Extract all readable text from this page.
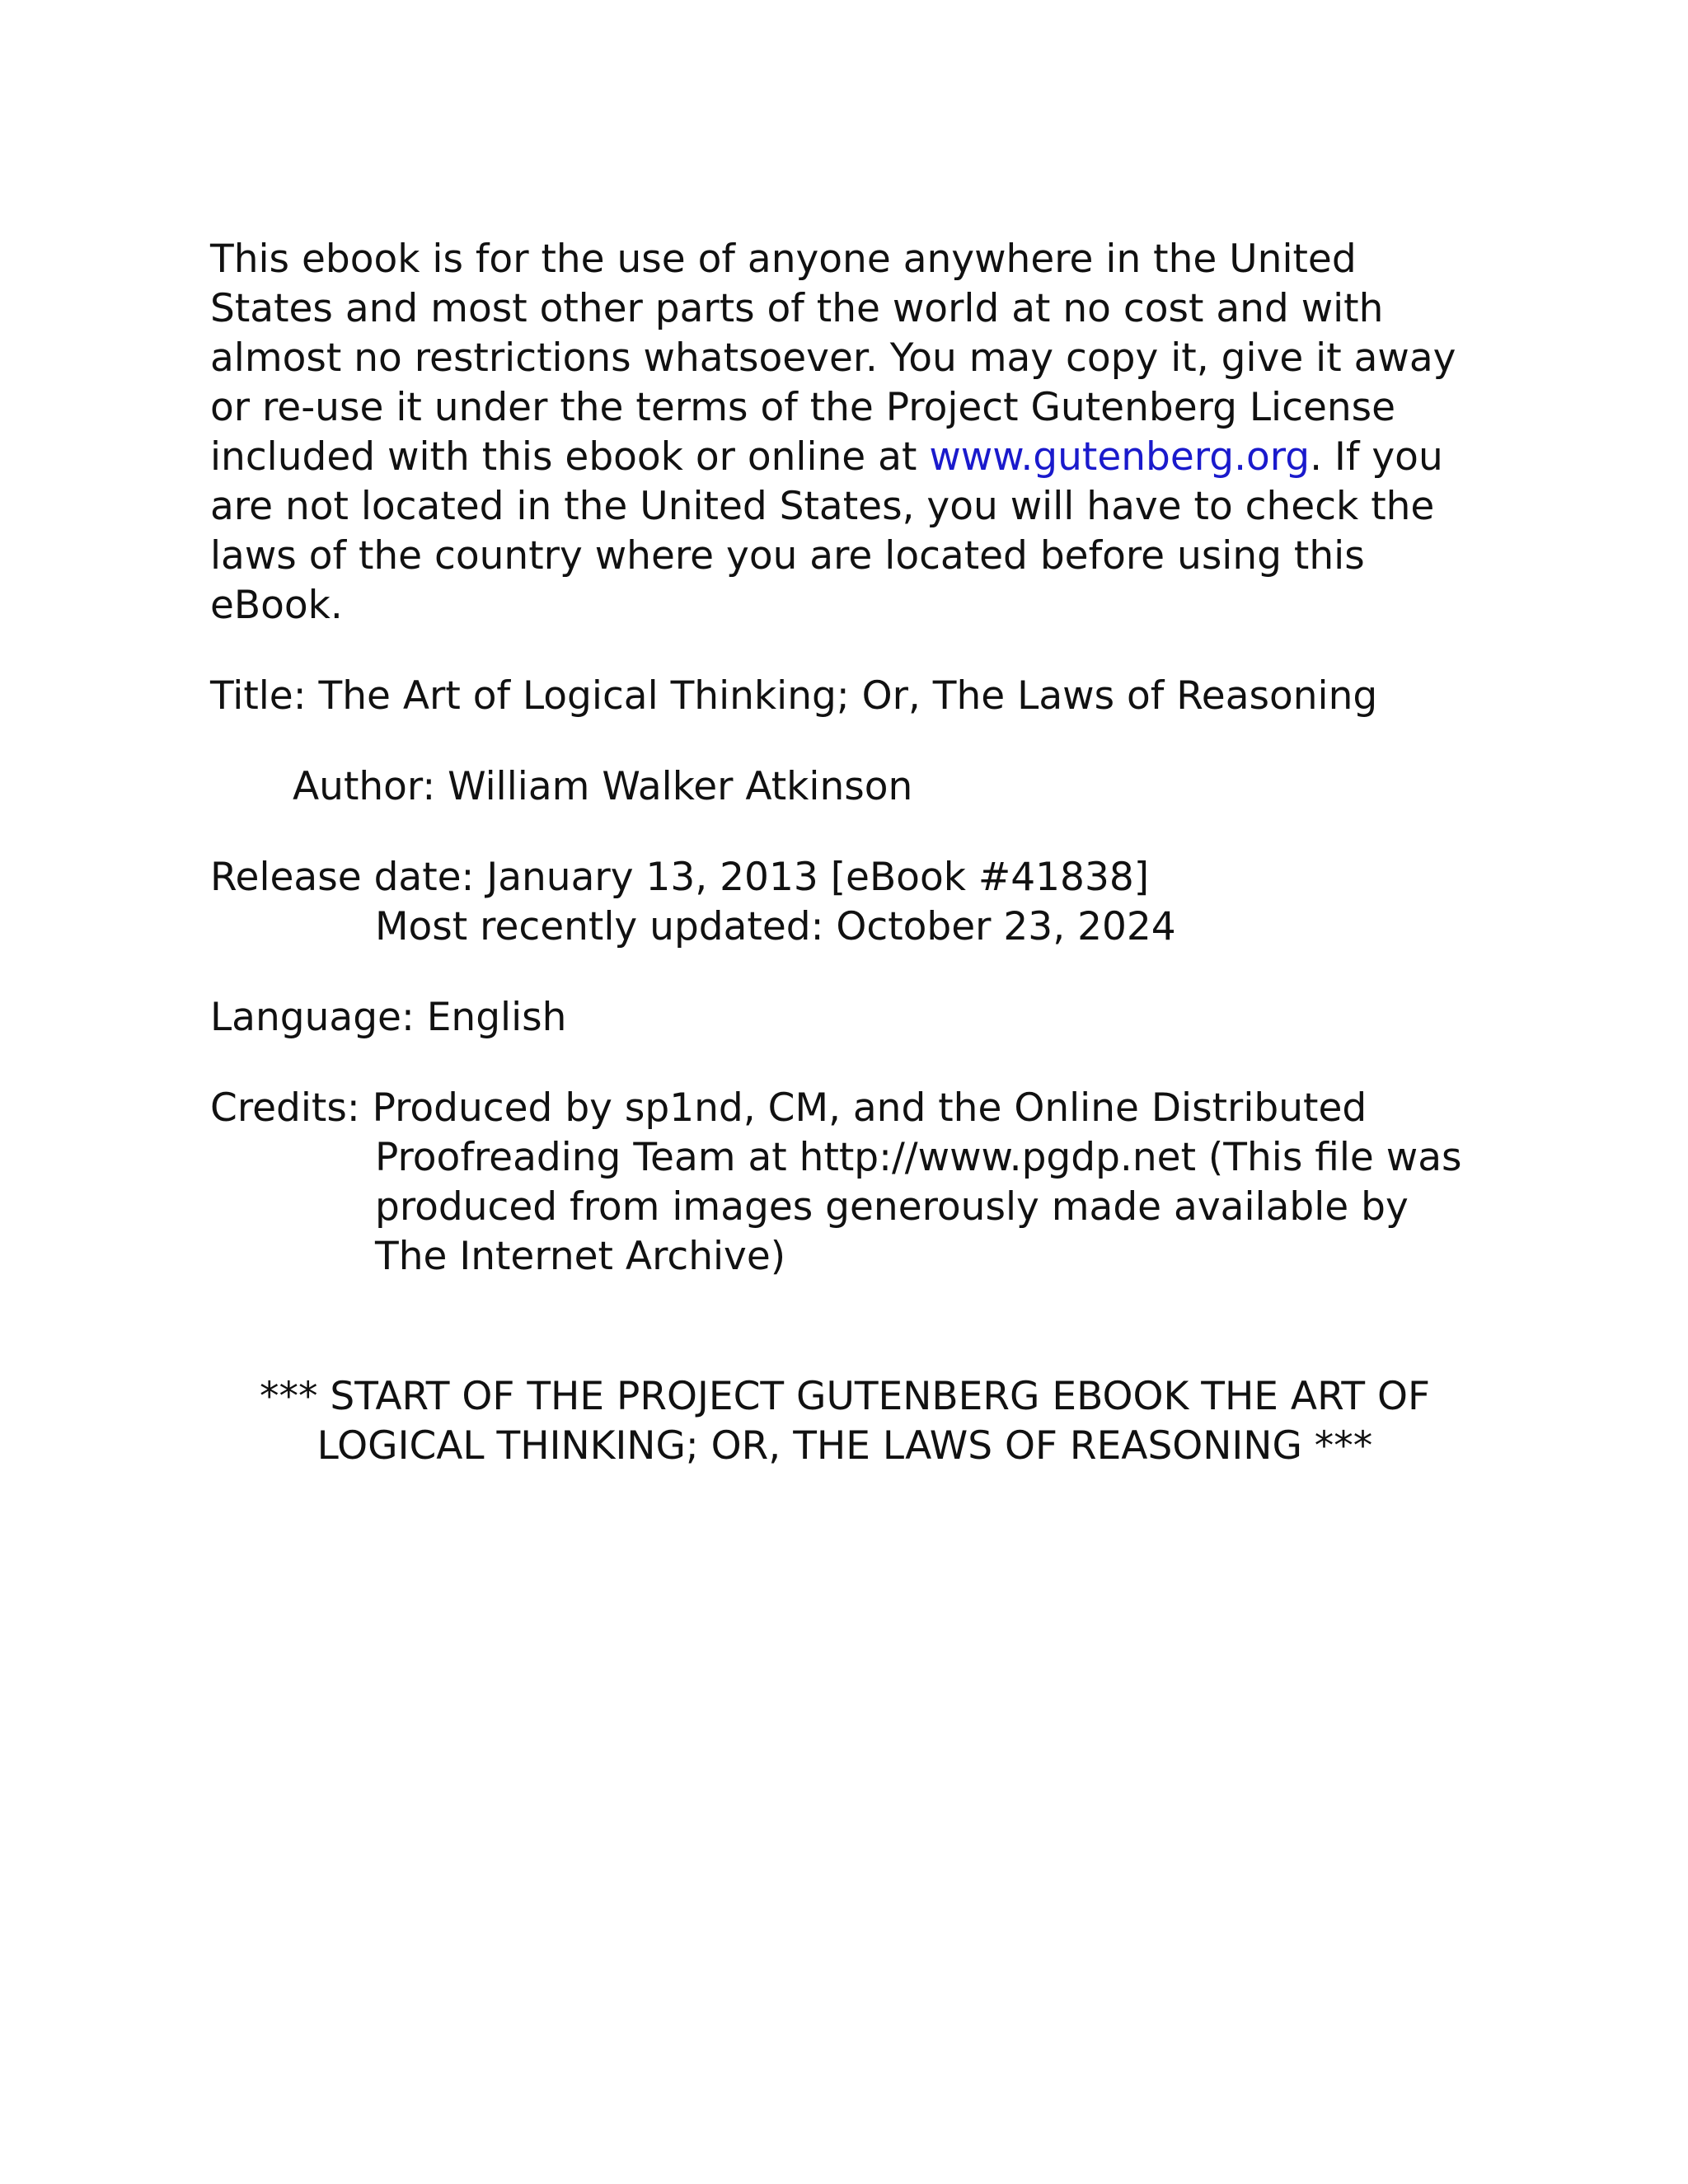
This ebook is for the use of anyone anywhere in the United States and most other parts of the world at no cost and with almost no restrictions whatsoever. You may copy it, give it away or re-use it under the terms of the Project Gutenberg License included with this ebook or online at www.gutenberg.org. If you are not located in the United States, you will have to check the laws of the country where you are located before using this eBook.

Title: The Art of Logical Thinking; Or, The Laws of Reasoning

Author: William Walker Atkinson

Release date: January 13, 2013 [eBook #41838]
Most recently updated: October 23, 2024

Language: English

Credits: Produced by sp1nd, CM, and the Online Distributed Proofreading Team at http://www.pgdp.net (This file was produced from images generously made available by The Internet Archive)

*** START OF THE PROJECT GUTENBERG EBOOK THE ART OF LOGICAL THINKING; OR, THE LAWS OF REASONING ***
